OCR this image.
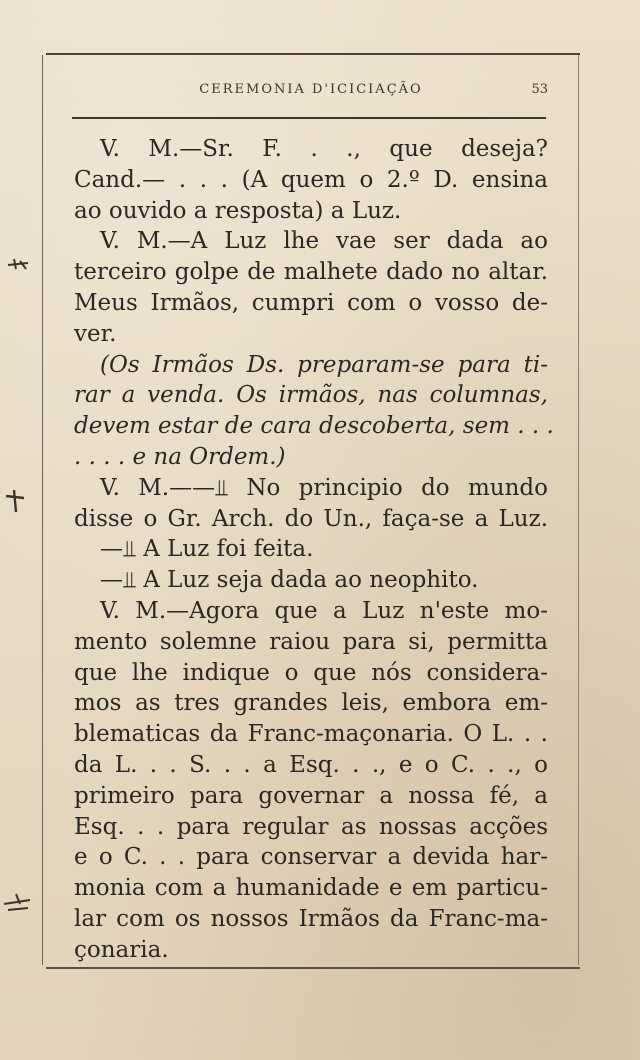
CEREMONIA D'ICICIAÇÃO	53
V. M.—Sr. F. . ., que deseja?
Cand.— . . . (A quem o 2.º D. ensina
ao ouvido a resposta) a Luz.
V. M.—A Luz lhe vae ser dada ao
terceiro golpe de malhete dado no altar.
Meus Irmãos, cumpri com o vosso de-
ver.
(Os Irmãos Ds. preparam-se para ti-
rar a venda. Os irmãos, nas columnas,
devem estar de cara descoberta, sem . . .
. . . . e na Ordem.)
V. M.——⫫ No principio do mundo
disse o Gr. Arch. do Un., faça-se a Luz.
—⫫ A Luz foi feita.
—⫫ A Luz seja dada ao neophito.
V. M.—Agora que a Luz n'este mo-
mento solemne raiou para si, permitta
que lhe indique o que nós considera-
mos as tres grandes leis, embora em-
blematicas da Franc-maçonaria. O L. . .
da L. . . S. . . a Esq. . ., e o C. . ., o
primeiro para governar a nossa fé, a
Esq. . . para regular as nossas acções
e o C. . . para conservar a devida har-
monia com a humanidade e em particu-
lar com os nossos Irmãos da Franc-ma-
çonaria.
